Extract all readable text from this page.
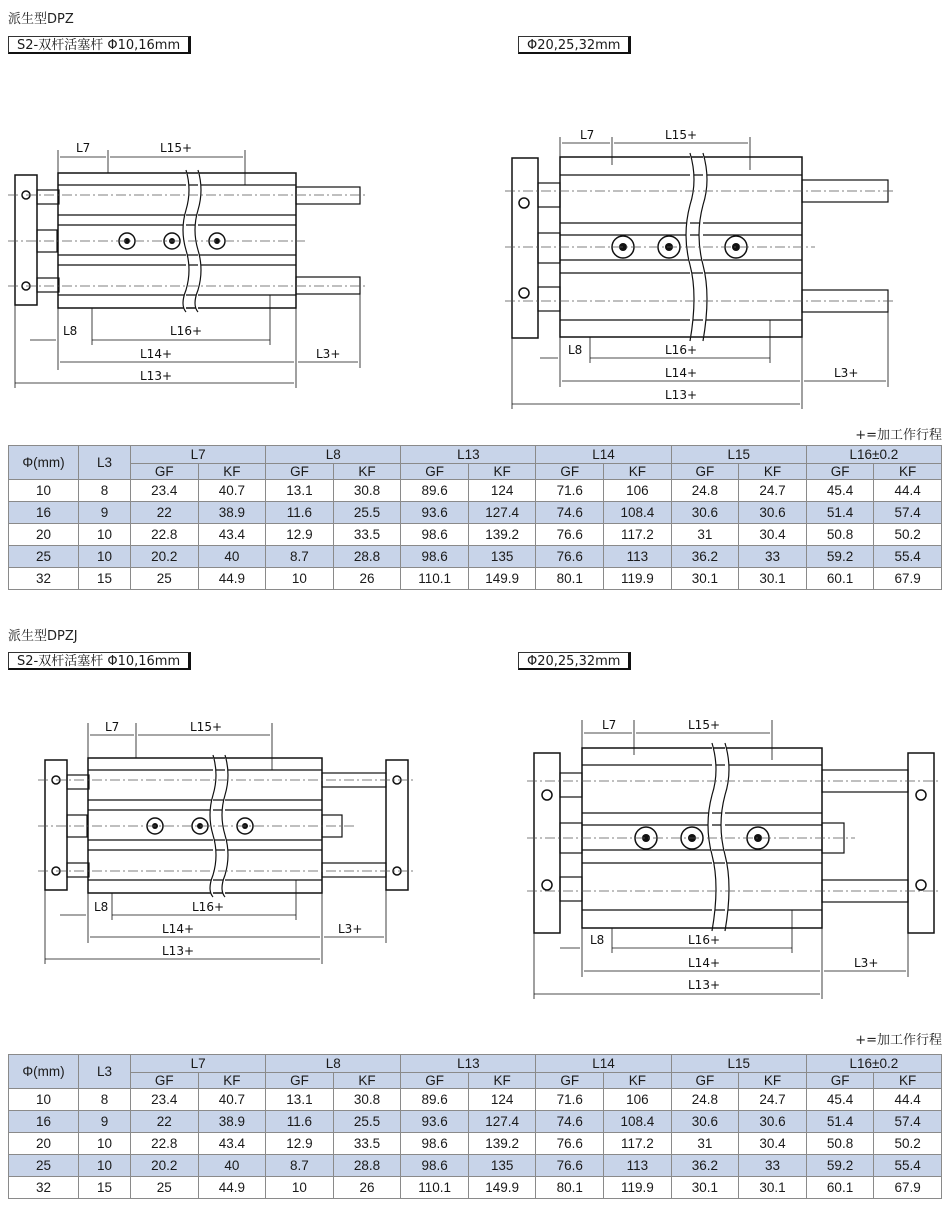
派生型DPZ
S2-双杆活塞杆 Φ10,16mm	Φ20,25,32mm
L7	L15+
L8	L16+
L14+	L3+
L13+
L7	L15+
L8	L16+
L14+	L3+
L13+
+=加工作行程
Φ(mm)	L3	L7		L8		L13		L14		L15		L16±0.2	
		GF	KF	GF	KF	GF	KF	GF	KF	GF	KF	GF	KF
10	8	23.4	40.7	13.1	30.8	89.6	124	71.6	106	24.8	24.7	45.4	44.4
16	9	22	38.9	11.6	25.5	93.6	127.4	74.6	108.4	30.6	30.6	51.4	57.4
20	10	22.8	43.4	12.9	33.5	98.6	139.2	76.6	117.2	31	30.4	50.8	50.2
25	10	20.2	40	8.7	28.8	98.6	135	76.6	113	36.2	33	59.2	55.4
32	15	25	44.9	10	26	110.1	149.9	80.1	119.9	30.1	30.1	60.1	67.9
派生型DPZJ
S2-双杆活塞杆 Φ10,16mm	Φ20,25,32mm
L7	L15+
L8	L16+
L14+	L3+
L13+
L7	L15+
L8	L16+
L14+	L3+
L13+
+=加工作行程
Φ(mm)	L3	L7		L8		L13		L14		L15		L16±0.2	
		GF	KF	GF	KF	GF	KF	GF	KF	GF	KF	GF	KF
10	8	23.4	40.7	13.1	30.8	89.6	124	71.6	106	24.8	24.7	45.4	44.4
16	9	22	38.9	11.6	25.5	93.6	127.4	74.6	108.4	30.6	30.6	51.4	57.4
20	10	22.8	43.4	12.9	33.5	98.6	139.2	76.6	117.2	31	30.4	50.8	50.2
25	10	20.2	40	8.7	28.8	98.6	135	76.6	113	36.2	33	59.2	55.4
32	15	25	44.9	10	26	110.1	149.9	80.1	119.9	30.1	30.1	60.1	67.9
